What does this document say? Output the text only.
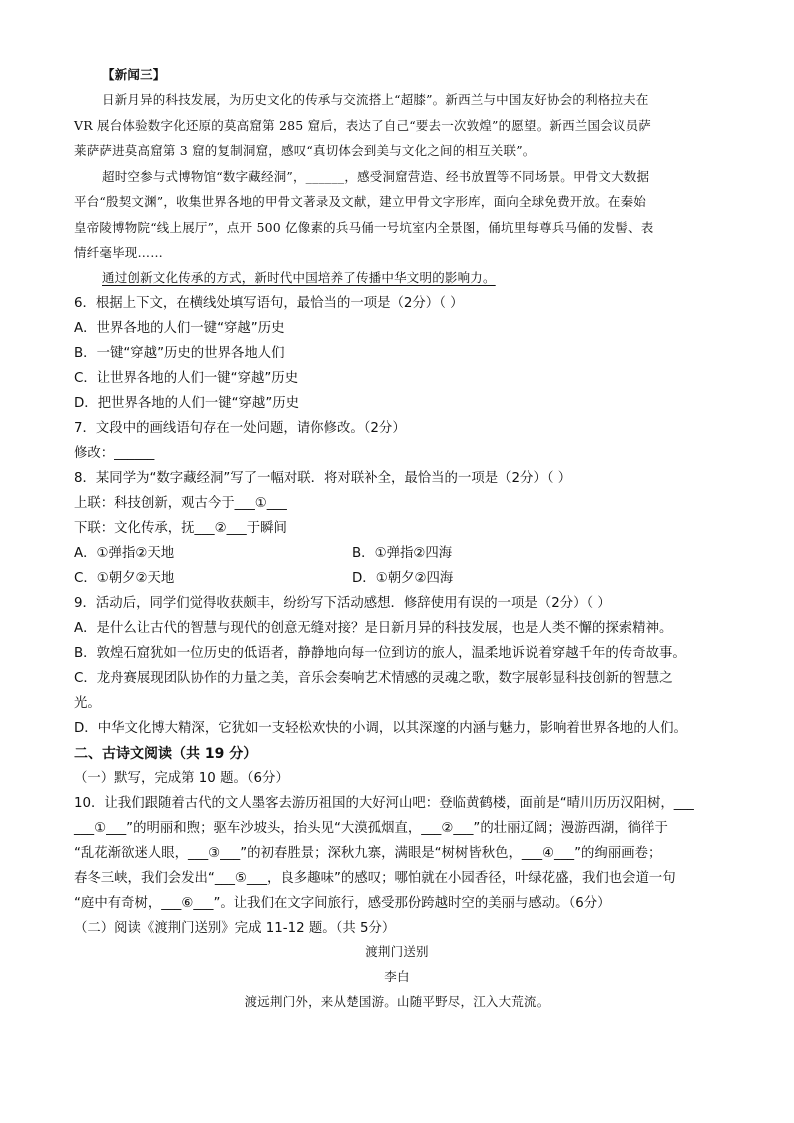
【新闻三】
日新月异的科技发展，为历史文化的传承与交流搭上“超膝”。新西兰与中国友好协会的利格拉夫在
VR 展台体验数字化还原的莫高窟第 285 窟后，表达了自己“要去一次敦煌”的愿望。新西兰国会议员萨
莱萨萨进莫高窟第 3 窟的复制洞窟，感叹“真切体会到美与文化之间的相互关联”。
超时空参与式博物馆“数字藏经洞”，______，感受洞窟营造、经书放置等不同场景。甲骨文大数据
平台“殷契文渊”，收集世界各地的甲骨文著录及文献，建立甲骨文字形库，面向全球免费开放。在秦始
皇帝陵博物院“线上展厅”，点开 500 亿像素的兵马俑一号坑室内全景图，俑坑里每尊兵马俑的发髻、表
情纤毫毕现……
通过创新文化传承的方式，新时代中国培养了传播中华文明的影响力。
6．根据上下文，在横线处填写语句，最恰当的一项是（2分）（ ）
A．世界各地的人们一键“穿越”历史
B．一键“穿越”历史的世界各地人们
C．让世界各地的人们一键“穿越”历史
D．把世界各地的人们一键“穿越”历史
7．文段中的画线语句存在一处问题，请你修改。（2分）
修改：______
8．某同学为“数字藏经洞”写了一幅对联．将对联补全，最恰当的一项是（2分）（ ）
上联：科技创新，观古今于___①___
下联：文化传承，抚___②___于瞬间
A．①弹指②天地	B．①弹指②四海
C．①朝夕②天地	D．①朝夕②四海
9．活动后，同学们觉得收获颇丰，纷纷写下活动感想．修辞使用有误的一项是（2分）（ ）
A．是什么让古代的智慧与现代的创意无缝对接？是日新月异的科技发展，也是人类不懈的探索精神。
B．敦煌石窟犹如一位历史的低语者，静静地向每一位到访的旅人，温柔地诉说着穿越千年的传奇故事。
C．龙舟赛展现团队协作的力量之美，音乐会奏响艺术情感的灵魂之歌，数字展彰显科技创新的智慧之
光。
D．中华文化博大精深，它犹如一支轻松欢快的小调，以其深邃的内涵与魅力，影响着世界各地的人们。
二、古诗文阅读（共 19 分）
（一）默写，完成第 10 题。（6分）
10．让我们跟随着古代的文人墨客去游历祖国的大好河山吧：登临黄鹤楼，面前是“晴川历历汉阳树，___
___①___”的明丽和煦；驱车沙坡头，抬头见“大漠孤烟直，___②___”的壮丽辽阔；漫游西湖，徜徉于
“乱花渐欲迷人眼，___③___”的初春胜景；深秋九寨，满眼是“树树皆秋色，___④___”的绚丽画卷；
春冬三峡，我们会发出“___⑤___，良多趣味”的感叹；哪怕就在小园香径，叶绿花盛，我们也会道一句
“庭中有奇树，___⑥___”。让我们在文字间旅行，感受那份跨越时空的美丽与感动。（6分）
（二）阅读《渡荆门送别》完成 11-12 题。（共 5分）
渡荆门送别
李白
渡远荆门外，来从楚国游。山随平野尽，江入大荒流。
